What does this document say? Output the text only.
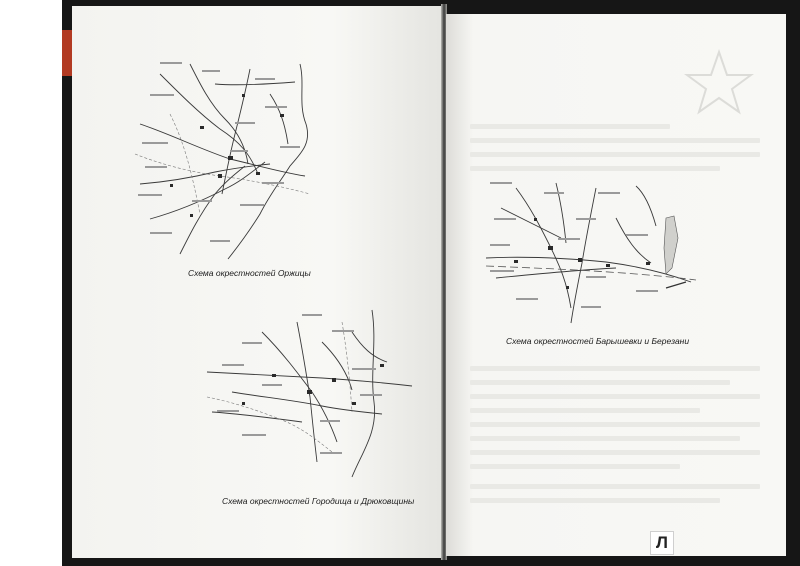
Схема окрестностей Оржицы
Схема окрестностей Городища и Дрюковщины
Схема окрестностей Барышевки и Березани
Л
